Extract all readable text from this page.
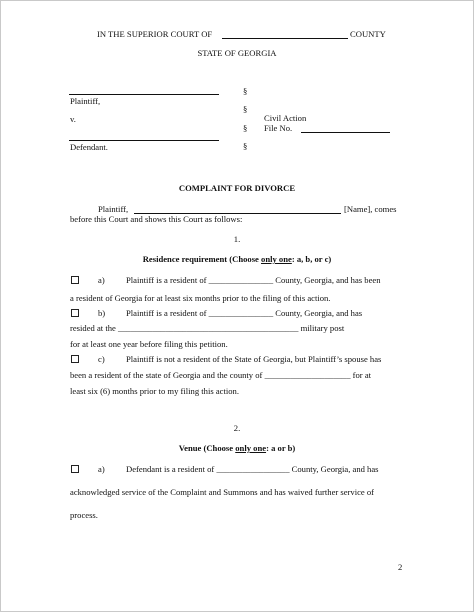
IN THE SUPERIOR COURT OF	COUNTY
STATE OF GEORGIA
Plaintiff,
v.
Defendant.
§
§
§
§
Civil Action
File No.
COMPLAINT FOR DIVORCE
Plaintiff,	[Name], comes
before this Court and shows this Court as follows:
1.
Residence requirement (Choose only one: a, b, or c)
a) Plaintiff is a resident of _______________ County, Georgia, and has been
a resident of Georgia for at least six months prior to the filing of this action.
b) Plaintiff is a resident of _______________ County, Georgia, and has
resided at the __________________________________________ military post
for at least one year before filing this petition.
c) Plaintiff is not a resident of the State of Georgia, but Plaintiff’s spouse has
been a resident of the state of Georgia and the county of ____________________ for at
least six (6) months prior to my filing this action.
2.
Venue (Choose only one: a or b)
a) Defendant is a resident of _________________ County, Georgia, and has
acknowledged service of the Complaint and Summons and has waived further service of
process.
2
